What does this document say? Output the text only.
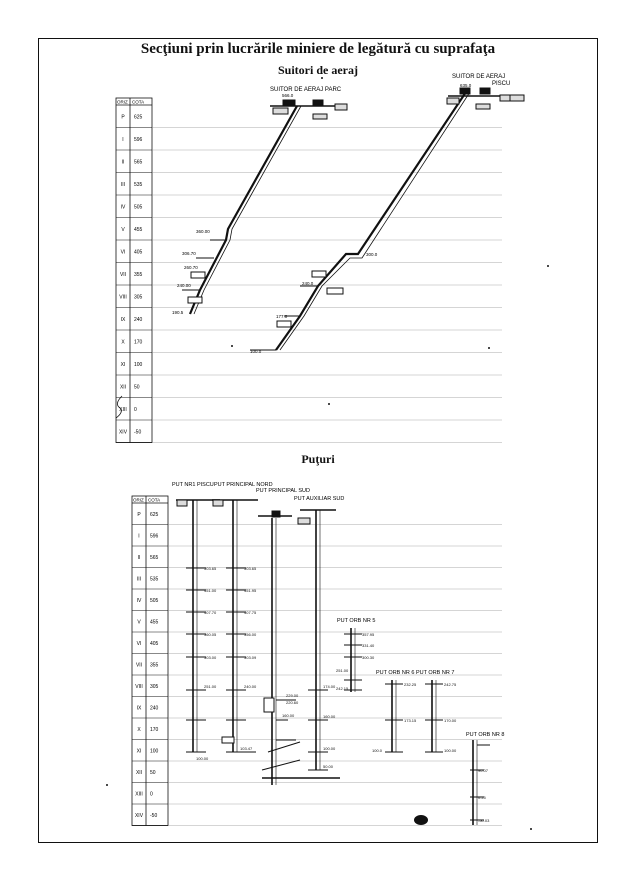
Secţiuni prin lucrările miniere de legătură cu suprafaţa
Suitori de aeraj
Puţuri
ORIZ COTA
P 625
I 596
II 565
III 535
IV 505
V 455
VI 405
VII 355
VIII 305
IX 240
X 170
XI 100
XII 50
XIII 0
XIV -50
ORIZ COTA
P 625
I 596
II 565
III 535
IV 505
V 455
VI 405
VII 355
VIII 305
IX 240
X 170
XI 100
XII 50
XIII 0
XIV -50
SUITOR DE AERAJ PARC
566.0
360.00
306.70
260.70
240.00
190.5
SUITOR DE AERAJ
PISCU
635.0
300.0
240.0
177.0
100.0
PUT NR1 PISCU PUT PRINCIPAL NORD
PUT PRINCIPAL SUD
PUT AUXILIAR SUD
PUT ORB NR 5
PUT ORB NR 6 PUT ORB NR 7
PUT ORB NR 8
503.65
451.00
407.70
360.05
303.00
251.00
100.00
503.65
451.95
407.75
356.00
303.09
240.00
103.47
229.00
220.60
160.00
174.00
160.00
100.00
50.00
357.95
331.40
300.30
251.00
242.15
232.25
173.15
100.0
242.75
170.00
100.00
90.07
0.25
-50.03
